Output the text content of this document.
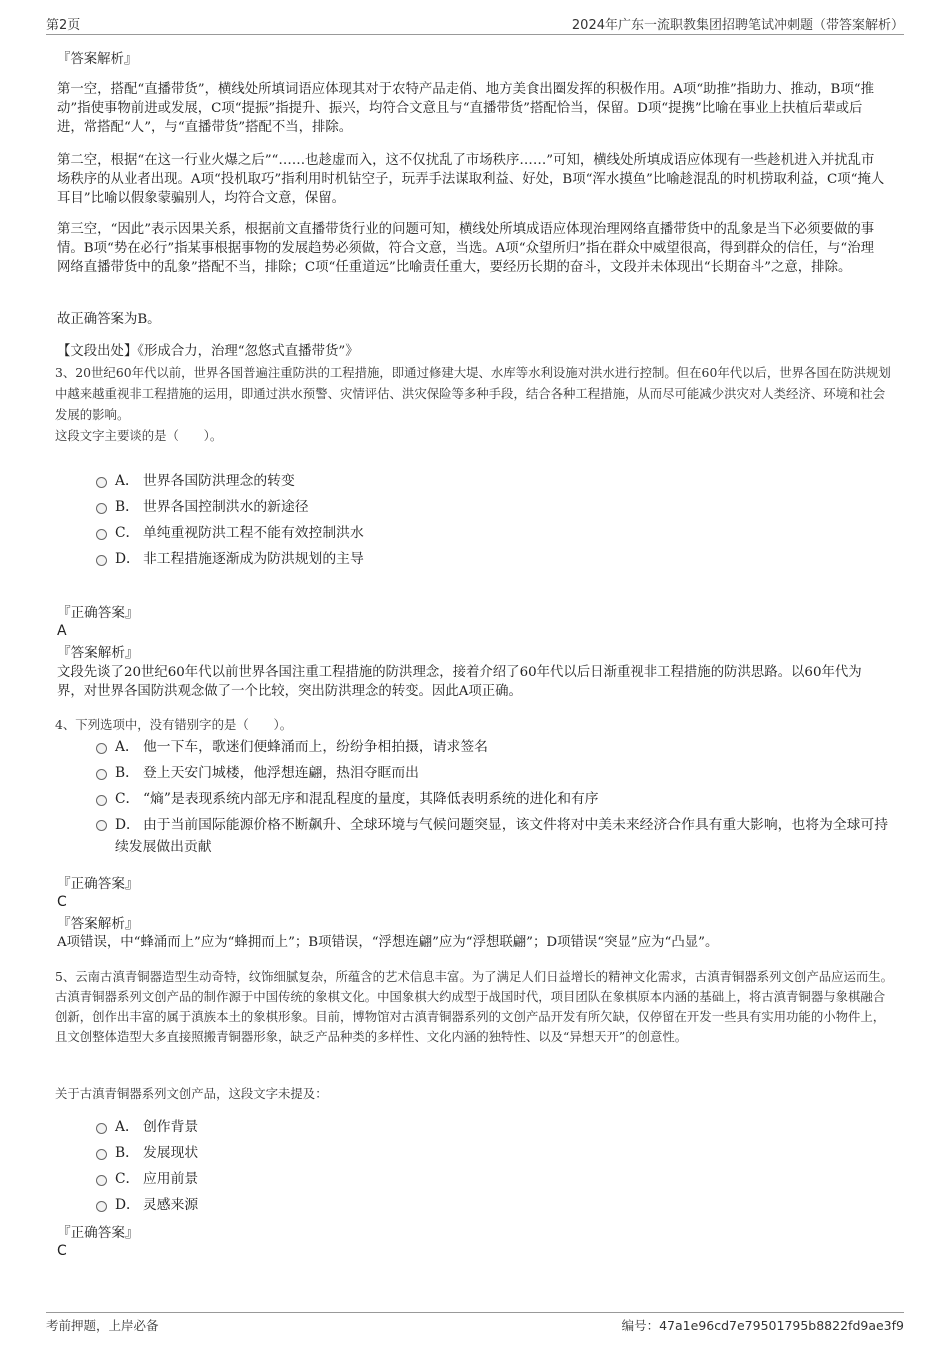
第2页	2024年广东一流职教集团招聘笔试冲刺题（带答案解析）

『答案解析』

第一空，搭配“直播带货”，横线处所填词语应体现其对于农特产品走俏、地方美食出圈发挥的积极作用。A项“助推”指助力、推动，B项“推动”指使事物前进或发展，C项“提振”指提升、振兴，均符合文意且与“直播带货”搭配恰当，保留。D项“提携”比喻在事业上扶植后辈或后进，常搭配“人”，与“直播带货”搭配不当，排除。

第二空，根据“在这一行业火爆之后”“……也趁虚而入，这不仅扰乱了市场秩序……”可知，横线处所填成语应体现有一些趁机进入并扰乱市场秩序的从业者出现。A项“投机取巧”指利用时机钻空子，玩弄手法谋取利益、好处，B项“浑水摸鱼”比喻趁混乱的时机捞取利益，C项“掩人耳目”比喻以假象蒙骗别人，均符合文意，保留。

第三空，“因此”表示因果关系，根据前文直播带货行业的问题可知，横线处所填成语应体现治理网络直播带货中的乱象是当下必须要做的事情。B项“势在必行”指某事根据事物的发展趋势必须做，符合文意，当选。A项“众望所归”指在群众中威望很高，得到群众的信任，与“治理网络直播带货中的乱象”搭配不当，排除；C项“任重道远”比喻责任重大，要经历长期的奋斗，文段并未体现出“长期奋斗”之意，排除。

故正确答案为B。

【文段出处】《形成合力，治理“忽悠式直播带货”》

3、20世纪60年代以前，世界各国普遍注重防洪的工程措施，即通过修建大堤、水库等水利设施对洪水进行控制。但在60年代以后，世界各国在防洪规划中越来越重视非工程措施的运用，即通过洪水预警、灾情评估、洪灾保险等多种手段，结合各种工程措施，从而尽可能减少洪灾对人类经济、环境和社会发展的影响。

这段文字主要谈的是（　　）。

A． 世界各国防洪理念的转变
B． 世界各国控制洪水的新途径
C． 单纯重视防洪工程不能有效控制洪水
D． 非工程措施逐渐成为防洪规划的主导
『正确答案』
A
『答案解析』

文段先谈了20世纪60年代以前世界各国注重工程措施的防洪理念，接着介绍了60年代以后日渐重视非工程措施的防洪思路。以60年代为界，对世界各国防洪观念做了一个比较，突出防洪理念的转变。因此A项正确。

4、下列选项中，没有错别字的是（　　）。

A． 他一下车，歌迷们便蜂涌而上，纷纷争相拍摄，请求签名
B． 登上天安门城楼，他浮想连翩，热泪夺眶而出
C． “熵”是表现系统内部无序和混乱程度的量度，其降低表明系统的进化和有序
D． 由于当前国际能源价格不断飙升、全球环境与气候问题突显，该文件将对中美未来经济合作具有重大影响，也将为全球可持续发展做出贡献
『正确答案』
C
『答案解析』

A项错误，中“蜂涌而上”应为“蜂拥而上”；B项错误，“浮想连翩”应为“浮想联翩”；D项错误“突显”应为“凸显”。

5、云南古滇青铜器造型生动奇特，纹饰细腻复杂，所蕴含的艺术信息丰富。为了满足人们日益增长的精神文化需求，古滇青铜器系列文创产品应运而生。古滇青铜器系列文创产品的制作源于中国传统的象棋文化。中国象棋大约成型于战国时代，项目团队在象棋原本内涵的基础上，将古滇青铜器与象棋融合创新，创作出丰富的属于滇族本土的象棋形象。目前，博物馆对古滇青铜器系列的文创产品开发有所欠缺，仅停留在开发一些具有实用功能的小物件上，且文创整体造型大多直接照搬青铜器形象，缺乏产品种类的多样性、文化内涵的独特性、以及“异想天开”的创意性。

关于古滇青铜器系列文创产品，这段文字未提及：

A． 创作背景
B． 发展现状
C． 应用前景
D． 灵感来源
『正确答案』
C
考前押题，上岸必备	编号：47a1e96cd7e79501795b8822fd9ae3f9
